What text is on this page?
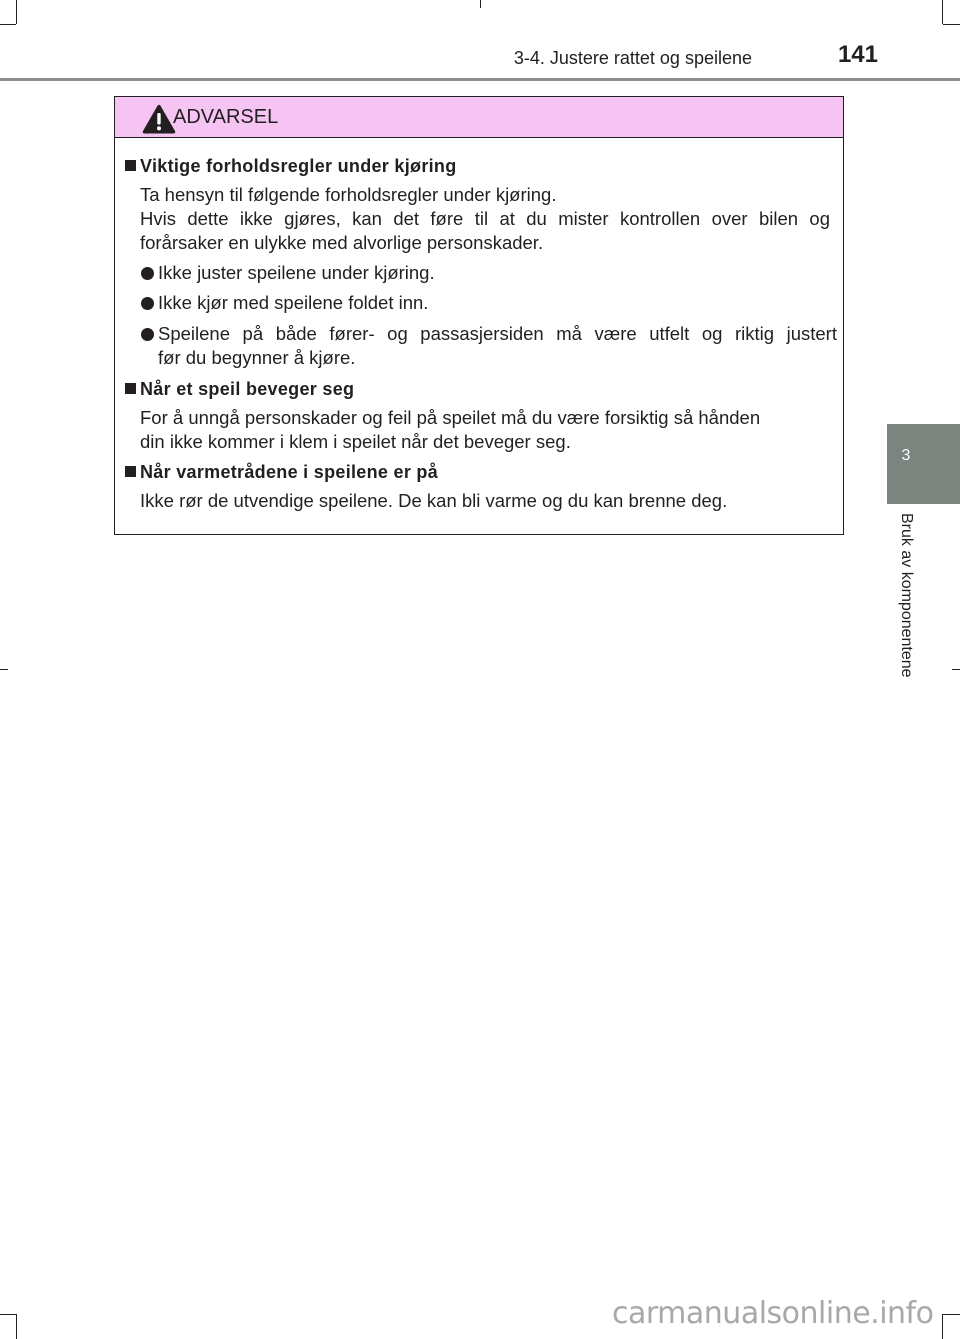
3-4. Justere rattet og speilene	141
3
Bruk av komponentene
ADVARSEL
Viktige forholdsregler under kjøring
Ta hensyn til følgende forholdsregler under kjøring.
Hvis dette ikke gjøres, kan det føre til at du mister kontrollen over bilen og
forårsaker en ulykke med alvorlige personskader.
Ikke juster speilene under kjøring.
Ikke kjør med speilene foldet inn.
Speilene på både fører- og passasjersiden må være utfelt og riktig justert
før du begynner å kjøre.
Når et speil beveger seg
For å unngå personskader og feil på speilet må du være forsiktig så hånden
din ikke kommer i klem i speilet når det beveger seg.
Når varmetrådene i speilene er på
Ikke rør de utvendige speilene. De kan bli varme og du kan brenne deg.
carmanualsonline.info
